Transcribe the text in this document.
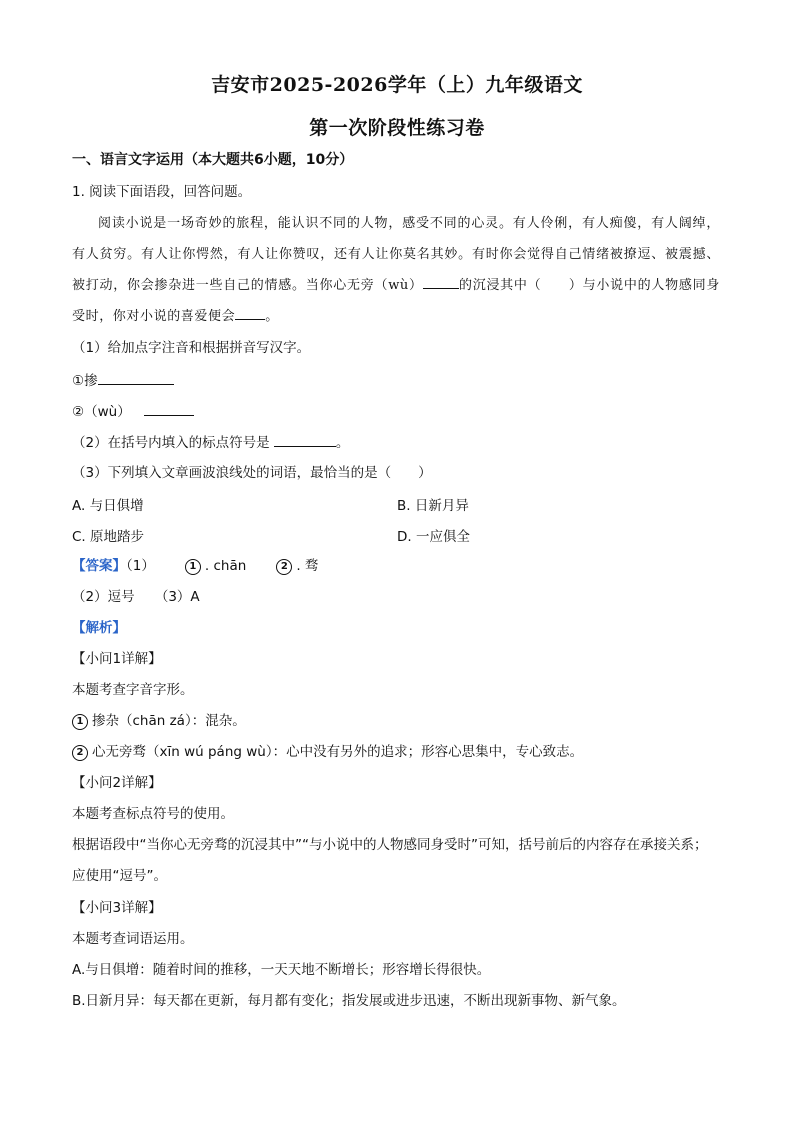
吉安市2025-2026学年（上）九年级语文
第一次阶段性练习卷
一、语言文字运用（本大题共6小题，10分）
1. 阅读下面语段，回答问题。
阅读小说是一场奇妙的旅程，能认识不同的人物，感受不同的心灵。有人伶俐，有人痴傻，有人阔绰，有人贫穷。有人让你愕然，有人让你赞叹，还有人让你莫名其妙。有时你会觉得自己情绪被撩逗、被震撼、被打动，你会掺杂进一些自己的情感。当你心无旁（wù）	的沉浸其中（　　）与小说中的人物感同身受时，你对小说的喜爱便会 。
（1）给加点字注音和根据拼音写汉字。
①掺
②（wù）
（2）在括号内填入的标点符号是	。
（3）下列填入文章画波浪线处的词语，最恰当的是（　　）
A. 与日俱增	B. 日新月异
C. 原地踏步	D. 一应俱全
【答案】（1）	1 . chān	2 . 骛
（2）逗号　　（3）A
【解析】
【小问1详解】
本题考查字音字形。
1 掺杂（chān zá）：混杂。
2 心无旁骛（xīn wú páng wù）：心中没有另外的追求；形容心思集中，专心致志。
【小问2详解】
本题考查标点符号的使用。
根据语段中“当你心无旁骛的沉浸其中”“与小说中的人物感同身受时”可知，括号前后的内容存在承接关系； 应使用“逗号”。
【小问3详解】
本题考查词语运用。
A.与日俱增：随着时间的推移，一天天地不断增长；形容增长得很快。
B.日新月异：每天都在更新，每月都有变化；指发展或进步迅速，不断出现新事物、新气象。
